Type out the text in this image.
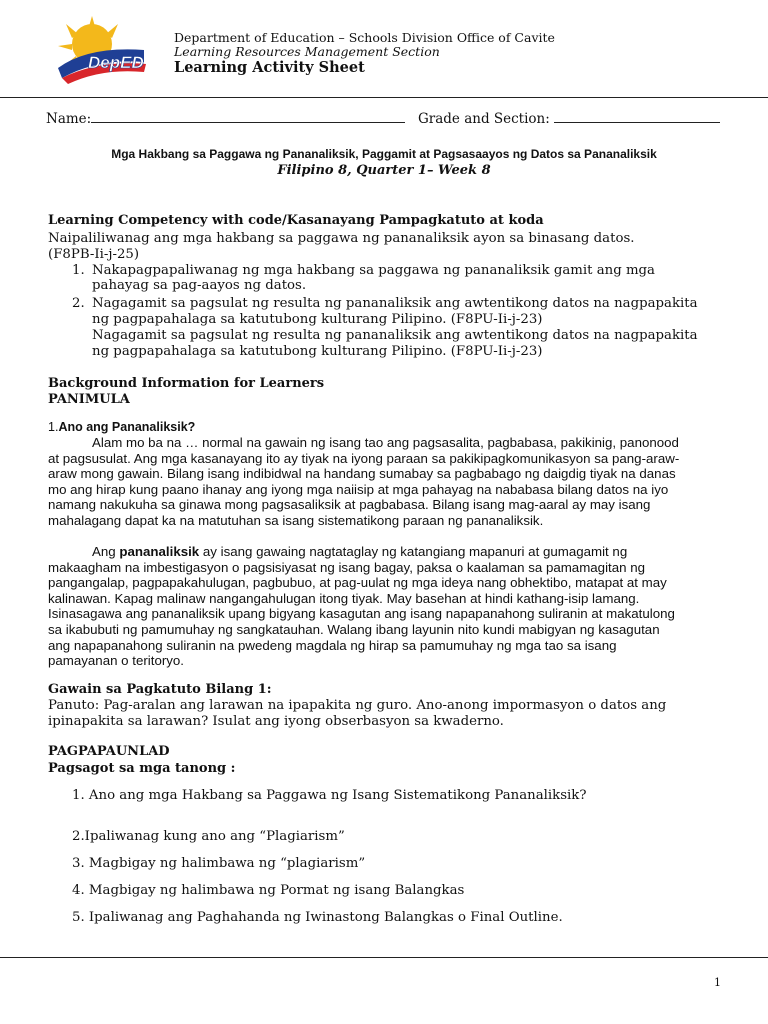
DepED
CAVITE
Department of Education – Schools Division Office of Cavite
Learning Resources Management Section
Learning Activity Sheet
Name:	Grade and Section:
Mga Hakbang sa Paggawa ng Pananaliksik, Paggamit at Pagsasaayos ng Datos sa Pananaliksik
Filipino 8, Quarter 1– Week 8
Learning Competency with code/Kasanayang Pampagkatuto at koda
Naipaliliwanag ang mga hakbang sa paggawa ng pananaliksik ayon sa binasang datos.
(F8PB-Ii-j-25)
1. Nakapagpapaliwanag ng mga hakbang sa paggawa ng pananaliksik gamit ang mga
pahayag sa pag-aayos ng datos.
2. Nagagamit sa pagsulat ng resulta ng pananaliksik ang awtentikong datos na nagpapakita
ng pagpapahalaga sa katutubong kulturang Pilipino. (F8PU-Ii-j-23)
Nagagamit sa pagsulat ng resulta ng pananaliksik ang awtentikong datos na nagpapakita
ng pagpapahalaga sa katutubong kulturang Pilipino. (F8PU-Ii-j-23)
Background Information for Learners
PANIMULA
1.Ano ang Pananaliksik?
Alam mo ba na … normal na gawain ng isang tao ang pagsasalita, pagbabasa, pakikinig, panonood
at pagsusulat. Ang mga kasanayang ito ay tiyak na iyong paraan sa pakikipagkomunikasyon sa pang-araw-
araw mong gawain. Bilang isang indibidwal na handang sumabay sa pagbabago ng daigdig tiyak na danas
mo ang hirap kung paano ihanay ang iyong mga naiisip at mga pahayag na nababasa bilang datos na iyo
namang nakukuha sa ginawa mong pagsasaliksik at pagbabasa. Bilang isang mag-aaral ay may isang
mahalagang dapat ka na matutuhan sa isang sistematikong paraan ng pananaliksik.
Ang pananaliksik ay isang gawaing nagtataglay ng katangiang mapanuri at gumagamit ng
makaagham na imbestigasyon o pagsisiyasat ng isang bagay, paksa o kaalaman sa pamamagitan ng
pangangalap, pagpapakahulugan, pagbubuo, at pag-uulat ng mga ideya nang obhektibo, matapat at may
kalinawan. Kapag malinaw nangangahulugan itong tiyak. May basehan at hindi kathang-isip lamang.
Isinasagawa ang pananaliksik upang bigyang kasagutan ang isang napapanahong suliranin at makatulong
sa ikabubuti ng pamumuhay ng sangkatauhan. Walang ibang layunin nito kundi mabigyan ng kasagutan
ang napapanahong suliranin na pwedeng magdala ng hirap sa pamumuhay ng mga tao sa isang
pamayanan o teritoryo.
Gawain sa Pagkatuto Bilang 1:
Panuto: Pag-aralan ang larawan na ipapakita ng guro. Ano-anong impormasyon o datos ang
ipinapakita sa larawan? Isulat ang iyong obserbasyon sa kwaderno.
PAGPAPAUNLAD
Pagsagot sa mga tanong :
1. Ano ang mga Hakbang sa Paggawa ng Isang Sistematikong Pananaliksik?
2.Ipaliwanag kung ano ang “Plagiarism”
3. Magbigay ng halimbawa ng “plagiarism”
4. Magbigay ng halimbawa ng Pormat ng isang Balangkas
5. Ipaliwanag ang Paghahanda ng Iwinastong Balangkas o Final Outline.
1
